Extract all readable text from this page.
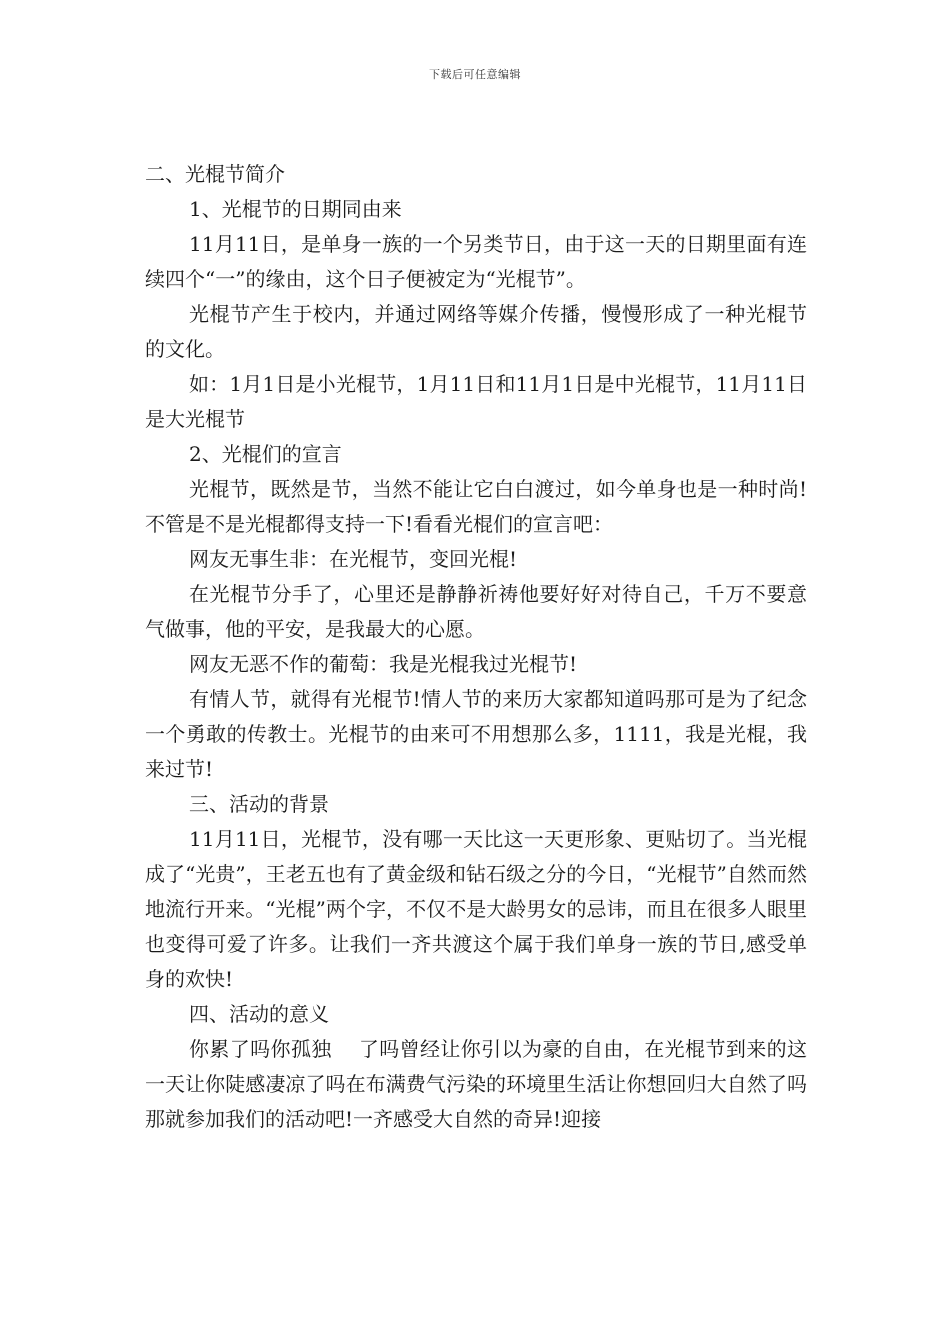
下载后可任意编辑

二、光棍节简介

1、光棍节的日期同由来

11月11日，是单身一族的一个另类节日，由于这一天的日期里面有连续四个“一”的缘由，这个日子便被定为“光棍节”。

光棍节产生于校内，并通过网络等媒介传播，慢慢形成了一种光棍节的文化。

如：1月1日是小光棍节，1月11日和11月1日是中光棍节，11月11日是大光棍节

2、光棍们的宣言

光棍节，既然是节，当然不能让它白白渡过，如今单身也是一种时尚!不管是不是光棍都得支持一下!看看光棍们的宣言吧：

网友无事生非：在光棍节，变回光棍!

在光棍节分手了，心里还是静静祈祷他要好好对待自己，千万不要意气做事，他的平安，是我最大的心愿。

网友无恶不作的葡萄：我是光棍我过光棍节!

有情人节，就得有光棍节!情人节的来历大家都知道吗那可是为了纪念一个勇敢的传教士。光棍节的由来可不用想那么多，1111，我是光棍，我来过节!

三、活动的背景

11月11日，光棍节，没有哪一天比这一天更形象、更贴切了。当光棍成了“光贵”，王老五也有了黄金级和钻石级之分的今日，“光棍节”自然而然地流行开来。“光棍”两个字，不仅不是大龄男女的忌讳，而且在很多人眼里也变得可爱了许多。让我们一齐共渡这个属于我们单身一族的节日,感受单身的欢快!

四、活动的意义

你累了吗你孤独　 了吗曾经让你引以为豪的自由，在光棍节到来的这一天让你陡感凄凉了吗在布满费气污染的环境里生活让你想回归大自然了吗那就参加我们的活动吧!一齐感受大自然的奇异!迎接
